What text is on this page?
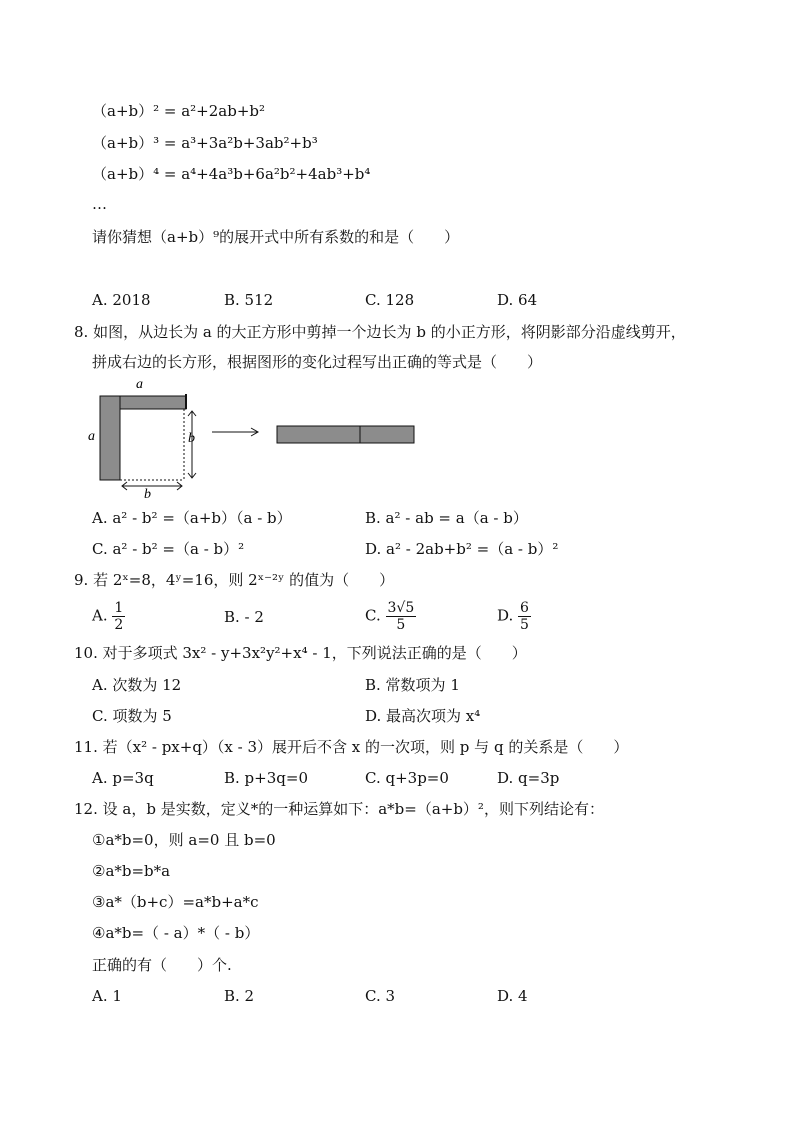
（a+b）² = a²+2ab+b²
（a+b）³ = a³+3a²b+3ab²+b³
（a+b）⁴ = a⁴+4a³b+6a²b²+4ab³+b⁴
…
请你猜想（a+b）⁹的展开式中所有系数的和是（　　）
A. 2018	B. 512	C. 128	D. 64
8. 如图，从边长为 a 的大正方形中剪掉一个边长为 b 的小正方形，将阴影部分沿虚线剪开，
拼成右边的长方形，根据图形的变化过程写出正确的等式是（　　）
a
a	b
b
A. a² - b² =（a+b）（a - b）	B. a² - ab = a（a - b）
C. a² - b² =（a - b）²	D. a² - 2ab+b² =（a - b）²
9. 若 2ˣ=8，4ʸ=16，则 2ˣ⁻²ʸ 的值为（　　）
A. $\frac{1}{2}$	B. - 2	C. $\frac{3√5}{5}$	D. $\frac{6}{5}$
10. 对于多项式 3x² - y+3x²y²+x⁴ - 1，下列说法正确的是（　　）
A. 次数为 12	B. 常数项为 1
C. 项数为 5	D. 最高次项为 x⁴
11. 若（x² - px+q）（x - 3）展开后不含 x 的一次项，则 p 与 q 的关系是（　　）
A. p=3q	B. p+3q=0	C. q+3p=0	D. q=3p
12. 设 a，b 是实数，定义*的一种运算如下：a*b=（a+b）²，则下列结论有：
①a*b=0，则 a=0 且 b=0
②a*b=b*a
③a*（b+c）=a*b+a*c
④a*b=（ - a）*（ - b）
正确的有（　　）个.
A. 1	B. 2	C. 3	D. 4
